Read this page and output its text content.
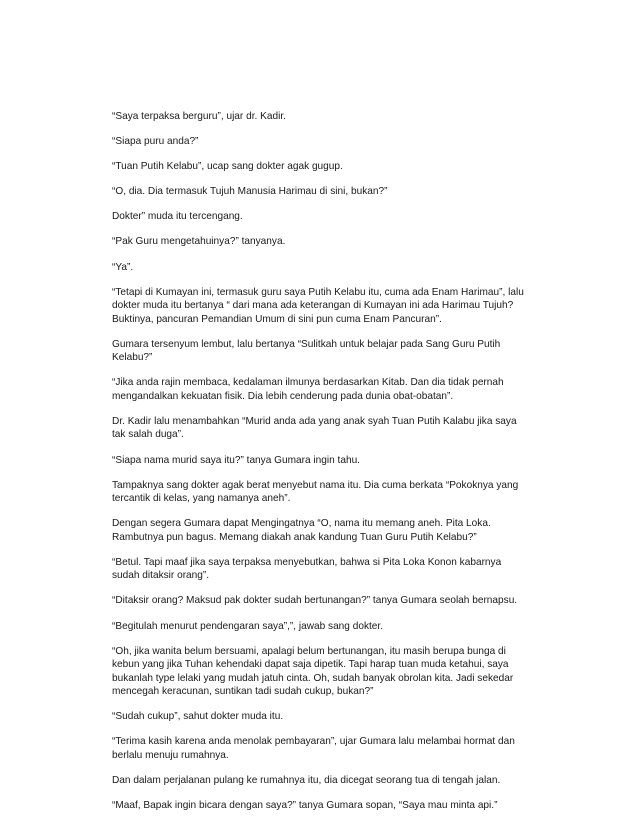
“Saya terpaksa berguru”, ujar dr. Kadir.

“Siapa puru anda?”

“Tuan Putih Kelabu”, ucap sang dokter agak gugup.

“O, dia. Dia termasuk Tujuh Manusia Harimau di sini, bukan?”

Dokter” muda itu tercengang.

“Pak Guru mengetahuinya?” tanyanya.

“Ya”.

“Tetapi di Kumayan ini, termasuk guru saya Putih Kelabu itu, cuma ada Enam Harimau”, lalu dokter muda itu bertanya “ dari mana ada keterangan di Kumayan ini ada Harimau Tujuh? Buktinya, pancuran Pemandian Umum di sini pun cuma Enam Pancuran”.

Gumara tersenyum lembut, lalu bertanya “Sulitkah untuk belajar pada Sang Guru Putih Kelabu?”

“Jika anda rajin membaca, kedalaman ilmunya berdasarkan Kitab. Dan dia tidak pernah mengandalkan kekuatan fisik. Dia lebih cenderung pada dunia obat-obatan”.

Dr. Kadir lalu menambahkan “Murid anda ada yang anak syah Tuan Putih Kalabu jika saya tak salah duga”.

“Siapa nama murid saya itu?” tanya Gumara ingin tahu.

Tampaknya sang dokter agak berat menyebut nama itu. Dia cuma berkata “Pokoknya yang tercantik di kelas, yang namanya aneh”.

Dengan segera Gumara dapat Mengingatnya “O, nama itu memang aneh. Pita Loka. Rambutnya pun bagus. Memang diakah anak kandung Tuan Guru Putih Kelabu?”

“Betul. Tapi maaf jika saya terpaksa menyebutkan, bahwa si Pita Loka Konon kabarnya sudah ditaksir orang”.

“Ditaksir orang? Maksud pak dokter sudah bertunangan?” tanya Gumara seolah bernapsu.

“Begitulah menurut pendengaran saya”,”, jawab sang dokter.

“Oh, jika wanita belum bersuami, apalagi belum bertunangan, itu masih berupa bunga di kebun yang jika Tuhan kehendaki dapat saja dipetik. Tapi harap tuan muda ketahui, saya bukanlah type lelaki yang mudah jatuh cinta. Oh, sudah banyak obrolan kita. Jadi sekedar mencegah keracunan, suntikan tadi sudah cukup, bukan?”

“Sudah cukup”, sahut dokter muda itu.

“Terima kasih karena anda menolak pembayaran”, ujar Gumara lalu melambai hormat dan berlalu menuju rumahnya.

Dan dalam perjalanan pulang ke rumahnya itu, dia dicegat seorang tua di tengah jalan.

“Maaf, Bapak ingin bicara dengan saya?” tanya Gumara sopan, “Saya mau minta api.”
